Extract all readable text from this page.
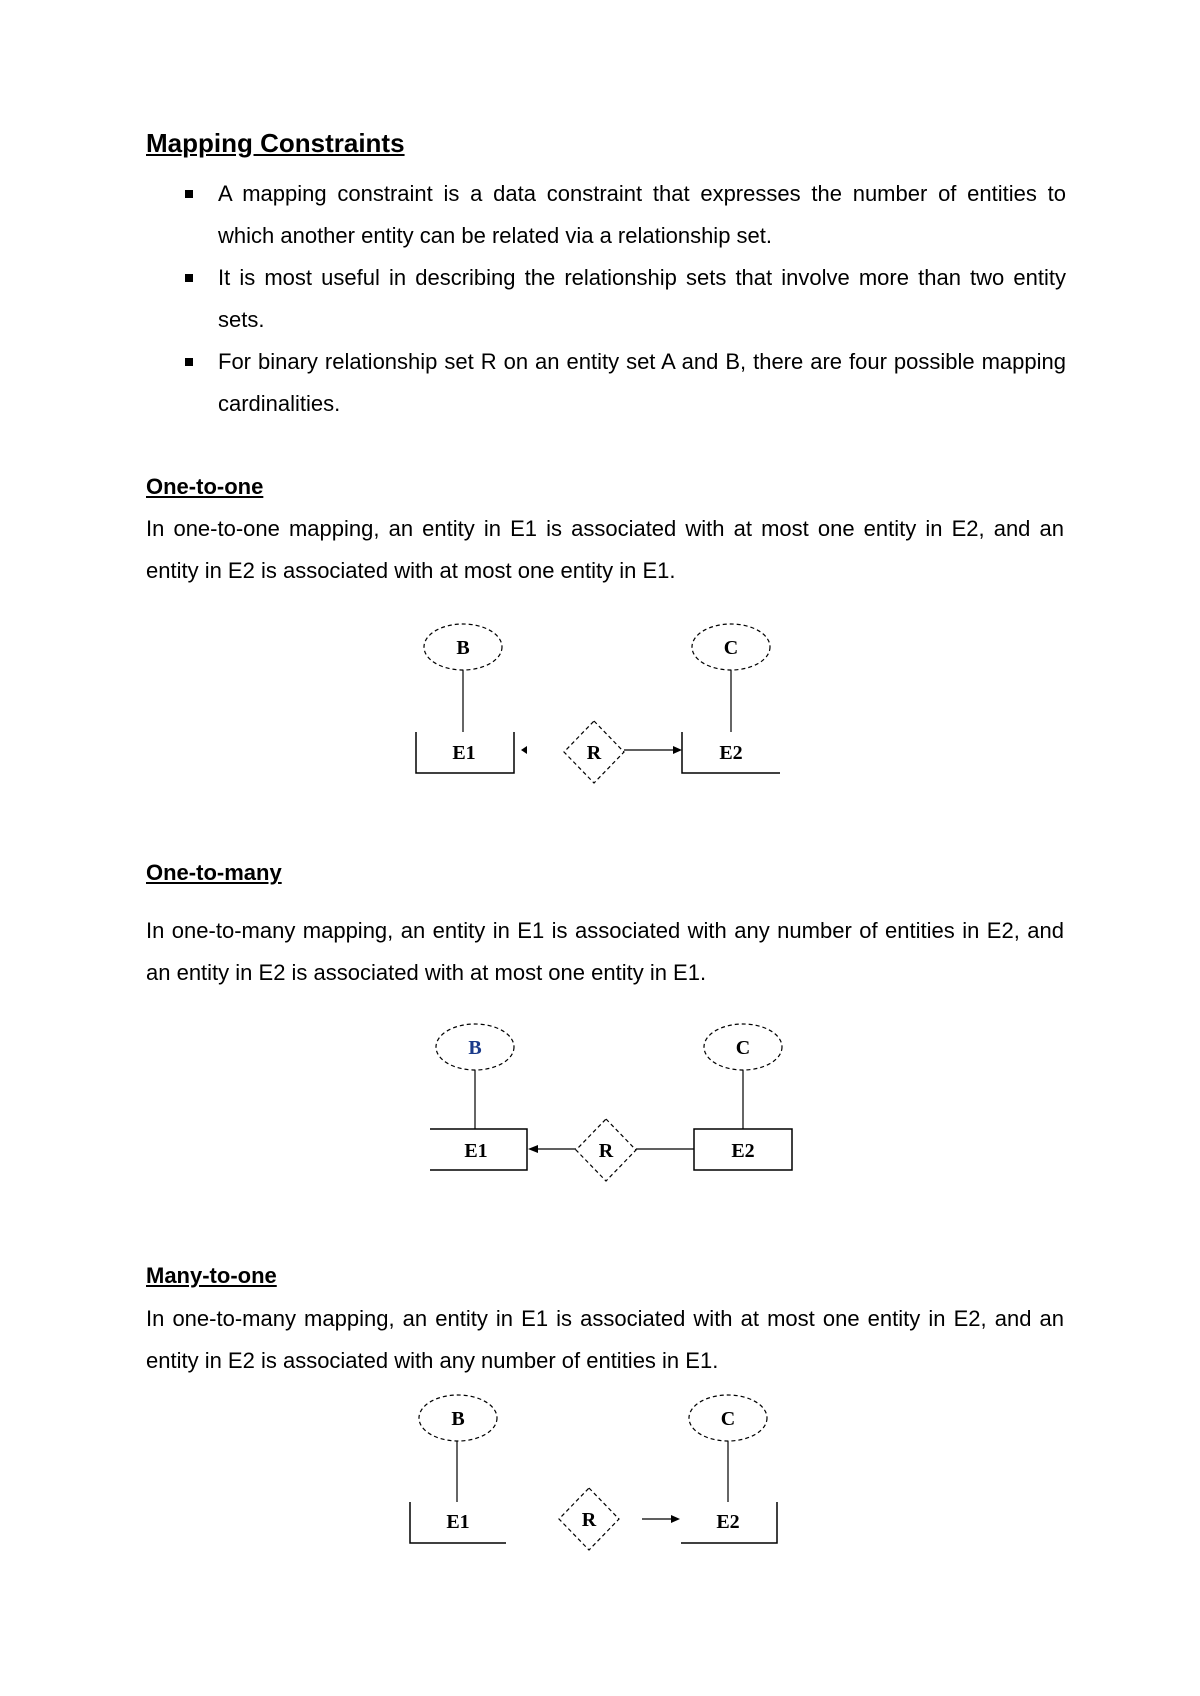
Mapping Constraints
A mapping constraint is a data constraint that expresses the number of entities to which another entity can be related via a relationship set.
It is most useful in describing the relationship sets that involve more than two entity sets.
For binary relationship set R on an entity set A and B, there are four possible mapping cardinalities.
One-to-one

In one-to-one mapping, an entity in E1 is associated with at most one entity in E2, and an entity in E2 is associated with at most one entity in E1.

B
E1	R
C
E2
One-to-many

In one-to-many mapping, an entity in E1 is associated with any number of entities in E2, and an entity in E2 is associated with at most one entity in E1.

B
E1	R
C
E2
Many-to-one

In one-to-many mapping, an entity in E1 is associated with at most one entity in E2, and an entity in E2 is associated with any number of entities in E1.

B
E1	R
C
E2
